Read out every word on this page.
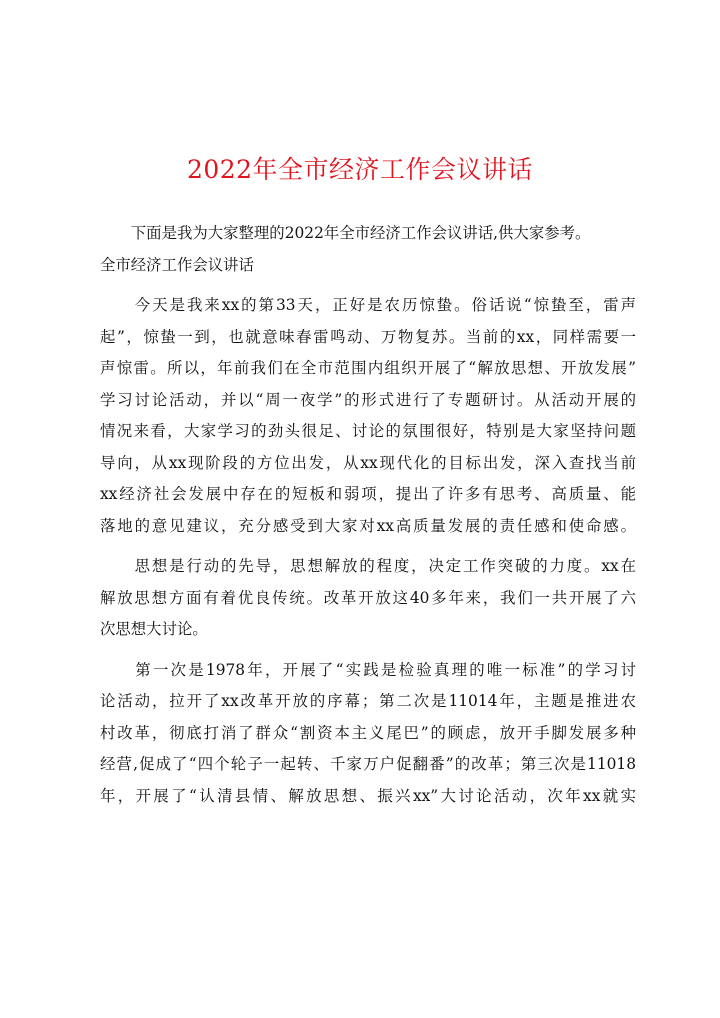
2022年全市经济工作会议讲话
　　下面是我为大家整理的2022年全市经济工作会议讲话,供大家参考。
全市经济工作会议讲话
　　今天是我来xx的第33天，正好是农历惊蛰。俗话说“惊蛰至，雷声
起”，惊蛰一到，也就意味春雷鸣动、万物复苏。当前的xx，同样需要一
声惊雷。所以，年前我们在全市范围内组织开展了“解放思想、开放发展”
学习讨论活动，并以“周一夜学”的形式进行了专题研讨。从活动开展的
情况来看，大家学习的劲头很足、讨论的氛围很好，特别是大家坚持问题
导向，从xx现阶段的方位出发，从xx现代化的目标出发，深入查找当前
xx经济社会发展中存在的短板和弱项，提出了许多有思考、高质量、能
落地的意见建议，充分感受到大家对xx高质量发展的责任感和使命感。
　　思想是行动的先导，思想解放的程度，决定工作突破的力度。xx在
解放思想方面有着优良传统。改革开放这40多年来，我们一共开展了六
次思想大讨论。
　　第一次是1978年，开展了“实践是检验真理的唯一标准”的学习讨
论活动，拉开了xx改革开放的序幕；第二次是11014年，主题是推进农
村改革，彻底打消了群众“割资本主义尾巴”的顾虑，放开手脚发展多种
经营,促成了“四个轮子一起转、千家万户促翻番”的改革；第三次是11018
年，开展了“认清县情、解放思想、振兴xx”大讨论活动，次年xx就实
